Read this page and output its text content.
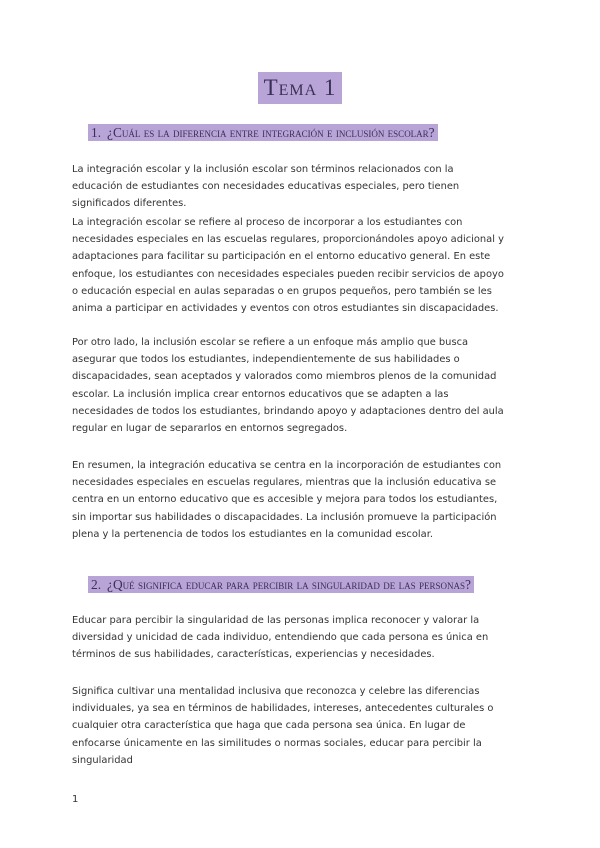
Tema 1
1. ¿Cuál es la diferencia entre integración e inclusión escolar?

La integración escolar y la inclusión escolar son términos relacionados con la educación de estudiantes con necesidades educativas especiales, pero tienen significados diferentes.

La integración escolar se refiere al proceso de incorporar a los estudiantes con necesidades especiales en las escuelas regulares, proporcionándoles apoyo adicional y adaptaciones para facilitar su participación en el entorno educativo general. En este enfoque, los estudiantes con necesidades especiales pueden recibir servicios de apoyo o educación especial en aulas separadas o en grupos pequeños, pero también se les anima a participar en actividades y eventos con otros estudiantes sin discapacidades.

Por otro lado, la inclusión escolar se refiere a un enfoque más amplio que busca asegurar que todos los estudiantes, independientemente de sus habilidades o discapacidades, sean aceptados y valorados como miembros plenos de la comunidad escolar. La inclusión implica crear entornos educativos que se adapten a las necesidades de todos los estudiantes, brindando apoyo y adaptaciones dentro del aula regular en lugar de separarlos en entornos segregados.

En resumen, la integración educativa se centra en la incorporación de estudiantes con necesidades especiales en escuelas regulares, mientras que la inclusión educativa se centra en un entorno educativo que es accesible y mejora para todos los estudiantes, sin importar sus habilidades o discapacidades. La inclusión promueve la participación plena y la pertenencia de todos los estudiantes en la comunidad escolar.

2. ¿Qué significa educar para percibir la singularidad de las personas?

Educar para percibir la singularidad de las personas implica reconocer y valorar la diversidad y unicidad de cada individuo, entendiendo que cada persona es única en términos de sus habilidades, características, experiencias y necesidades.

Significa cultivar una mentalidad inclusiva que reconozca y celebre las diferencias individuales, ya sea en términos de habilidades, intereses, antecedentes culturales o cualquier otra característica que haga que cada persona sea única. En lugar de enfocarse únicamente en las similitudes o normas sociales, educar para percibir la singularidad

1
